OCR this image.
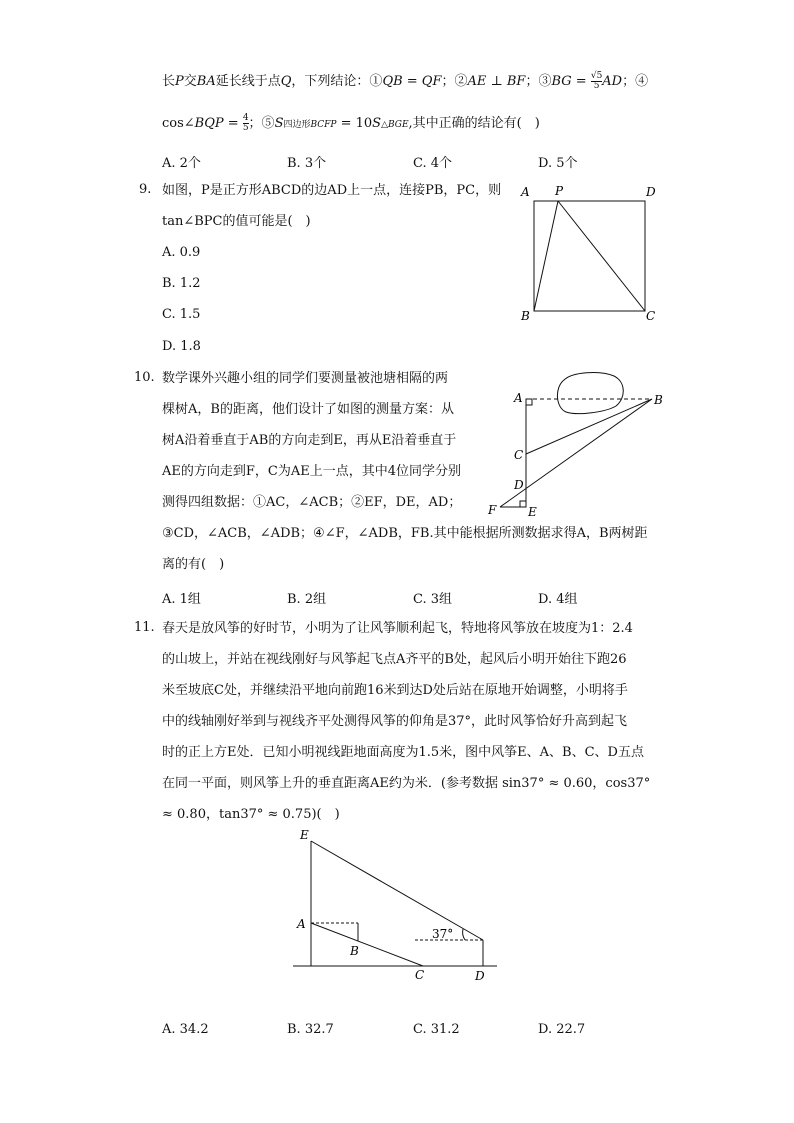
长P交BA延长线于点Q，下列结论：①QB = QF；②AE ⊥ BF；③BG = $\frac{√5}{5}$ AD；④
cos∠BQP = $\frac{4}{5}$ ；⑤S四边形BCFP = 10S△BGE,其中正确的结论有(　)
A. 2个	B. 3个	C. 4个	D. 5个
9. 如图，P是正方形ABCD的边AD上一点，连接PB，PC，则
tan∠BPC的值可能是(　)
A. 0.9
B. 1.2
C. 1.5
D. 1.8
A P	D
B	C
10. 数学课外兴趣小组的同学们要测量被池塘相隔的两
棵树A，B的距离，他们设计了如图的测量方案：从
树A沿着垂直于AB的方向走到E，再从E沿着垂直于
AE的方向走到F，C为AE上一点，其中4位同学分别
测得四组数据：①AC，∠ACB；②EF，DE，AD；
③CD，∠ACB，∠ADB；④∠F，∠ADB，FB.其中能根据所测数据求得A，B两树距
离的有(　)
A. 1组	B. 2组	C. 3组	D. 4组
A	B
C
D
E
F
11. 春天是放风筝的好时节，小明为了让风筝顺利起飞，特地将风筝放在坡度为1：2.4
的山坡上，并站在视线刚好与风筝起飞点A齐平的B处，起风后小明开始往下跑26
米至坡底C处，并继续沿平地向前跑16米到达D处后站在原地开始调整，小明将手
中的线轴刚好举到与视线齐平处测得风筝的仰角是37°，此时风筝恰好升高到起飞
时的正上方E处．已知小明视线距地面高度为1.5米，图中风筝E、A、B、C、D五点
在同一平面，则风筝上升的垂直距离AE约为米．(参考数据 sin37° ≈ 0.60，cos37°
≈ 0.80，tan37° ≈ 0.75)(　)
37°
E
A
B
C	D
A. 34.2	B. 32.7	C. 31.2	D. 22.7
